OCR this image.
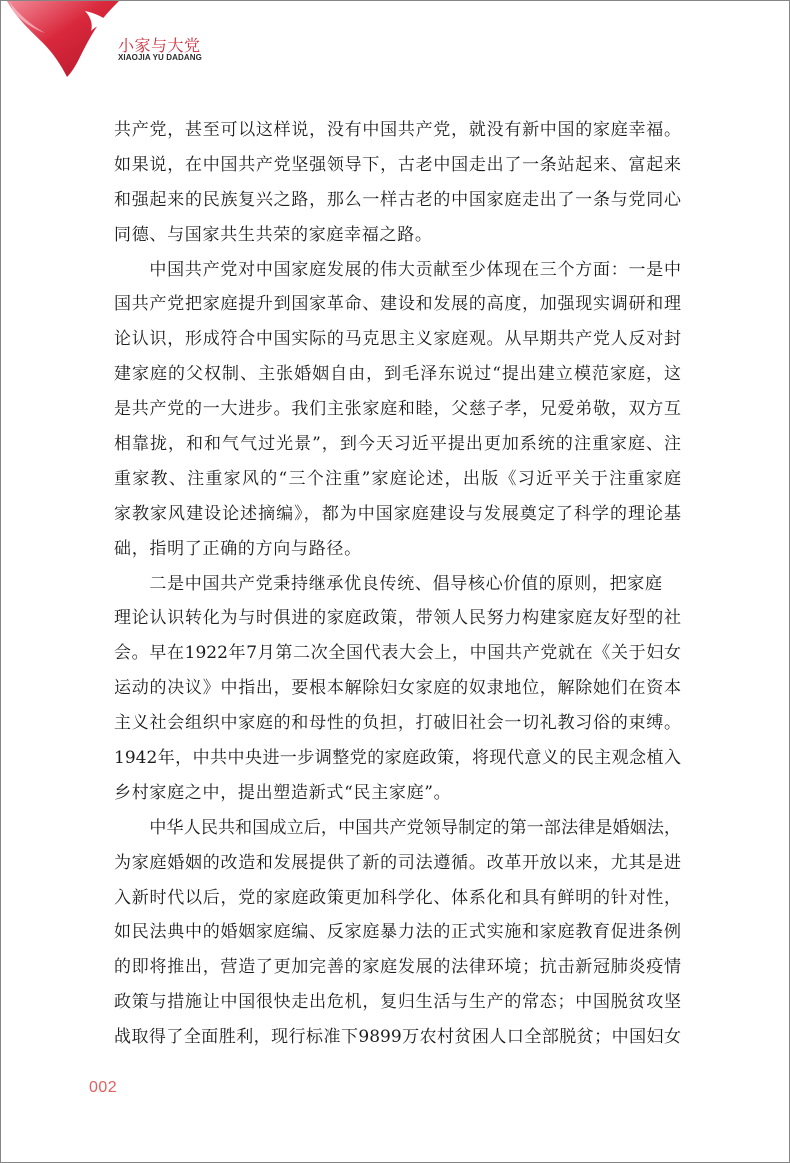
小家与大党
XIAOJIA YU DADANG
共产党，甚至可以这样说，没有中国共产党，就没有新中国的家庭幸福。
如果说，在中国共产党坚强领导下，古老中国走出了一条站起来、富起来
和强起来的民族复兴之路，那么一样古老的中国家庭走出了一条与党同心
同德、与国家共生共荣的家庭幸福之路。
中国共产党对中国家庭发展的伟大贡献至少体现在三个方面：一是中
国共产党把家庭提升到国家革命、建设和发展的高度，加强现实调研和理
论认识，形成符合中国实际的马克思主义家庭观。从早期共产党人反对封
建家庭的父权制、主张婚姻自由，到毛泽东说过“提出建立模范家庭，这
是共产党的一大进步。我们主张家庭和睦，父慈子孝，兄爱弟敬，双方互
相靠拢，和和气气过光景”，到今天习近平提出更加系统的注重家庭、注
重家教、注重家风的“三个注重”家庭论述，出版《习近平关于注重家庭
家教家风建设论述摘编》，都为中国家庭建设与发展奠定了科学的理论基
础，指明了正确的方向与路径。
二是中国共产党秉持继承优良传统、倡导核心价值的原则，把家庭
理论认识转化为与时俱进的家庭政策，带领人民努力构建家庭友好型的社
会。早在1922年7月第二次全国代表大会上，中国共产党就在《关于妇女
运动的决议》中指出，要根本解除妇女家庭的奴隶地位，解除她们在资本
主义社会组织中家庭的和母性的负担，打破旧社会一切礼教习俗的束缚。
1942年，中共中央进一步调整党的家庭政策，将现代意义的民主观念植入
乡村家庭之中，提出塑造新式“民主家庭”。
中华人民共和国成立后，中国共产党领导制定的第一部法律是婚姻法，
为家庭婚姻的改造和发展提供了新的司法遵循。改革开放以来，尤其是进
入新时代以后，党的家庭政策更加科学化、体系化和具有鲜明的针对性，
如民法典中的婚姻家庭编、反家庭暴力法的正式实施和家庭教育促进条例
的即将推出，营造了更加完善的家庭发展的法律环境；抗击新冠肺炎疫情
政策与措施让中国很快走出危机，复归生活与生产的常态；中国脱贫攻坚
战取得了全面胜利，现行标准下9899万农村贫困人口全部脱贫；中国妇女
002
